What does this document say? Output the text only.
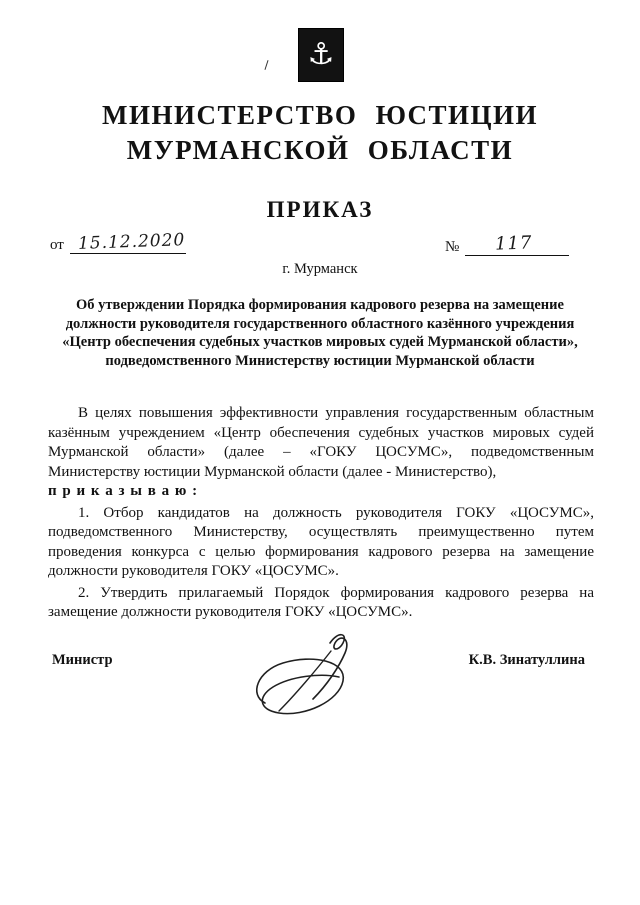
⚓
МИНИСТЕРСТВО ЮСТИЦИИ
МУРМАНСКОЙ ОБЛАСТИ
ПРИКАЗ
от 15.12.2020	№ 117
г. Мурманск
Об утверждении Порядка формирования кадрового резерва на замещение должности руководителя государственного областного казённого учреждения «Центр обеспечения судебных участков мировых судей Мурманской области», подведомственного Министерству юстиции Мурманской области

В целях повышения эффективности управления государственным областным казённым учреждением «Центр обеспечения судебных участков мировых судей Мурманской области» (далее – «ГОКУ ЦОСУМС», подведомственным Министерству юстиции Мурманской области (далее - Министерство),

п р и к а з ы в а ю :

1. Отбор кандидатов на должность руководителя ГОКУ «ЦОСУМС», подведомственного Министерству, осуществлять преимущественно путем проведения конкурса с целью формирования кадрового резерва на замещение должности руководителя ГОКУ «ЦОСУМС».

2. Утвердить прилагаемый Порядок формирования кадрового резерва на замещение должности руководителя ГОКУ «ЦОСУМС».

Министр	К.В. Зинатуллина
